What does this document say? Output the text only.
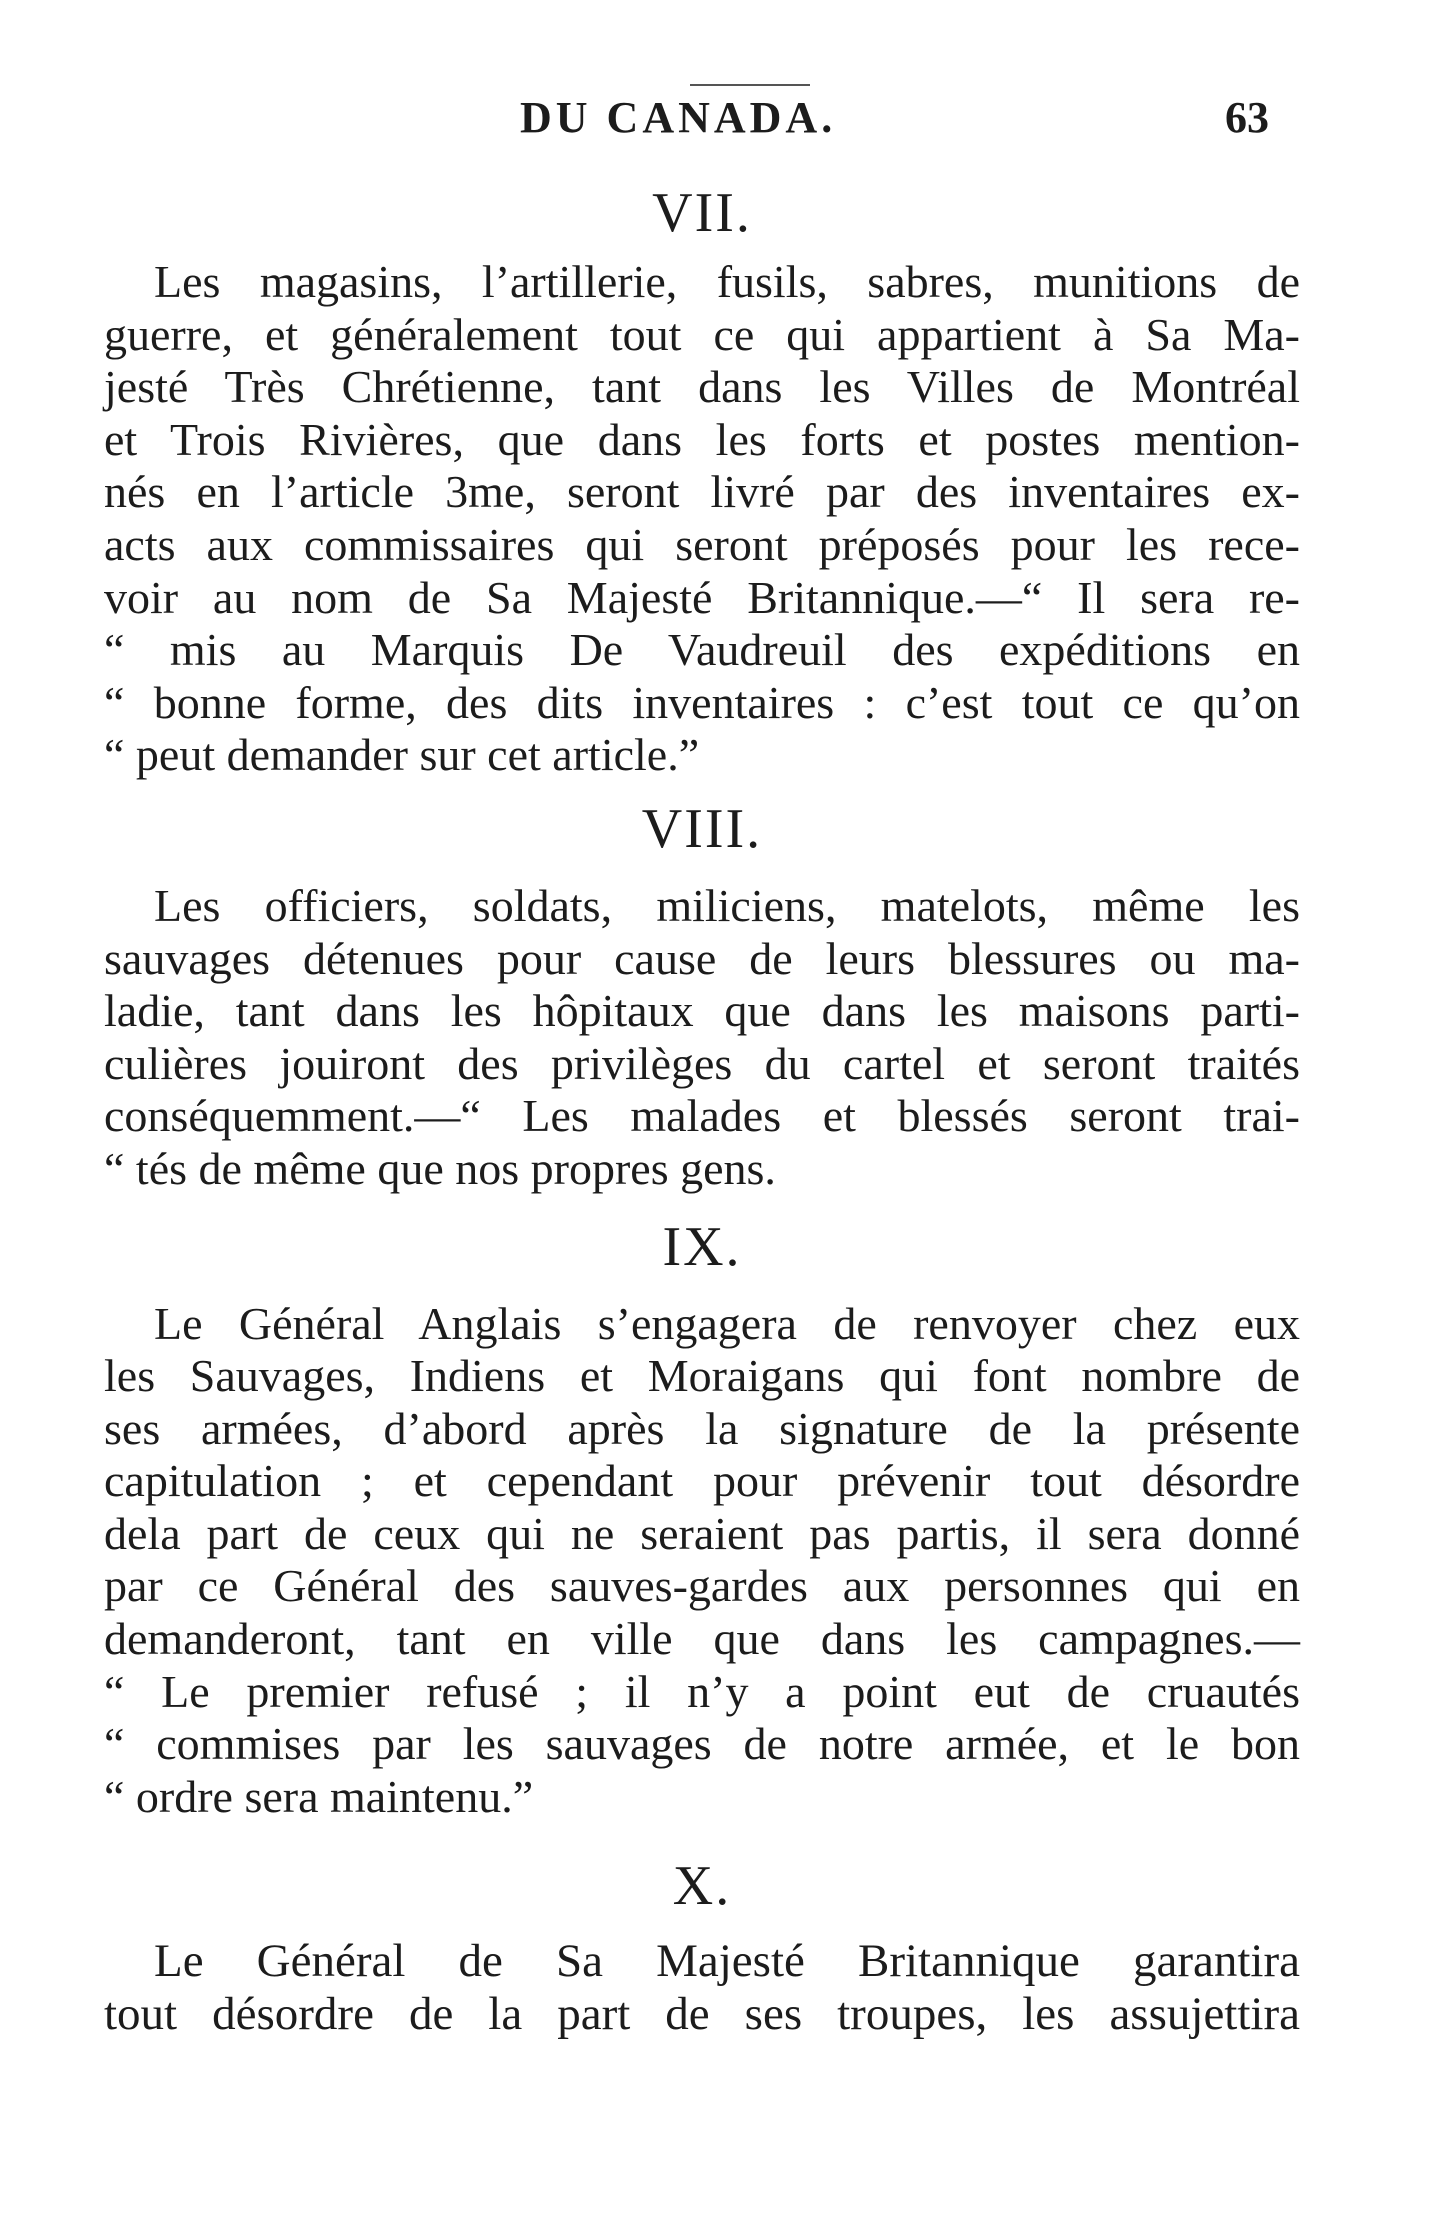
DU CANADA.	63
VII.
Les magasins, l’artillerie, fusils, sabres, munitions de
guerre, et généralement tout ce qui appartient à Sa Ma-
jesté Très Chrétienne, tant dans les Villes de Montréal
et Trois Rivières, que dans les forts et postes mention-
nés en l’article 3me, seront livré par des inventaires ex-
acts aux commissaires qui seront préposés pour les rece-
voir au nom de Sa Majesté Britannique.—“ Il sera re-
“ mis au Marquis De Vaudreuil des expéditions en
“ bonne forme, des dits inventaires : c’est tout ce qu’on
“ peut demander sur cet article.”
VIII.
Les officiers, soldats, miliciens, matelots, même les
sauvages détenues pour cause de leurs blessures ou ma-
ladie, tant dans les hôpitaux que dans les maisons parti-
culières jouiront des privilèges du cartel et seront traités
conséquemment.—“ Les malades et blessés seront trai-
“ tés de même que nos propres gens.
IX.
Le Général Anglais s’engagera de renvoyer chez eux
les Sauvages, Indiens et Moraigans qui font nombre de
ses armées, d’abord après la signature de la présente
capitulation ; et cependant pour prévenir tout désordre
dela part de ceux qui ne seraient pas partis, il sera donné
par ce Général des sauves-gardes aux personnes qui en
demanderont, tant en ville que dans les campagnes.—
“ Le premier refusé ; il n’y a point eut de cruautés
“ commises par les sauvages de notre armée, et le bon
“ ordre sera maintenu.”
X.
Le Général de Sa Majesté Britannique garantira
tout désordre de la part de ses troupes, les assujettira
